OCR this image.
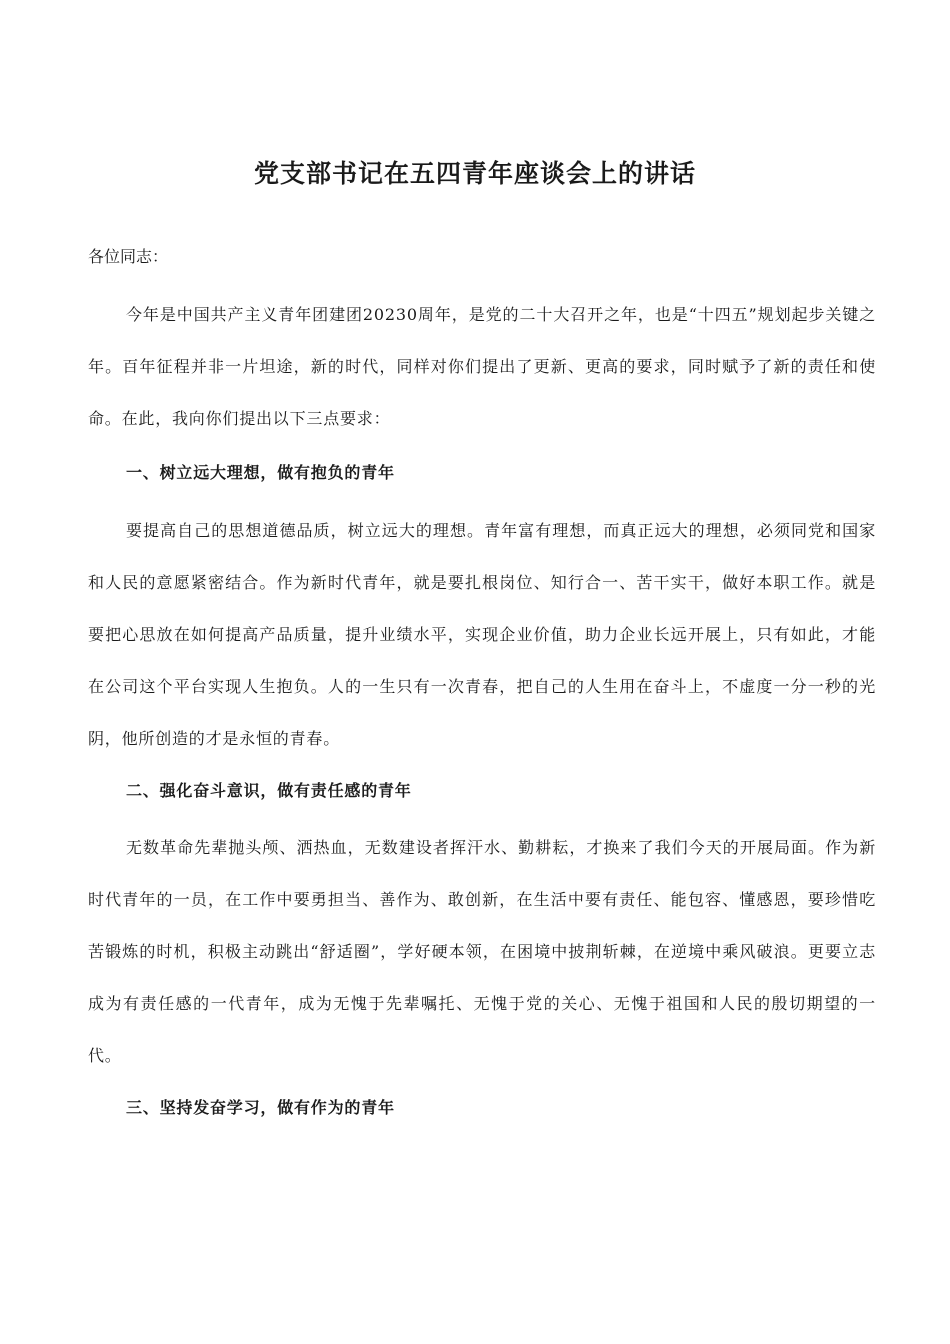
党支部书记在五四青年座谈会上的讲话
各位同志：

今年是中国共产主义青年团建团20230周年，是党的二十大召开之年，也是“十四五”规划起步关键之年。百年征程并非一片坦途，新的时代，同样对你们提出了更新、更高的要求，同时赋予了新的责任和使命。在此，我向你们提出以下三点要求：

一、树立远大理想，做有抱负的青年

要提高自己的思想道德品质，树立远大的理想。青年富有理想，而真正远大的理想，必须同党和国家和人民的意愿紧密结合。作为新时代青年，就是要扎根岗位、知行合一、苦干实干，做好本职工作。就是要把心思放在如何提高产品质量，提升业绩水平，实现企业价值，助力企业长远开展上，只有如此，才能在公司这个平台实现人生抱负。人的一生只有一次青春，把自己的人生用在奋斗上，不虚度一分一秒的光阴，他所创造的才是永恒的青春。

二、强化奋斗意识，做有责任感的青年

无数革命先辈抛头颅、洒热血，无数建设者挥汗水、勤耕耘，才换来了我们今天的开展局面。作为新时代青年的一员，在工作中要勇担当、善作为、敢创新，在生活中要有责任、能包容、懂感恩，要珍惜吃苦锻炼的时机，积极主动跳出“舒适圈”，学好硬本领，在困境中披荆斩棘，在逆境中乘风破浪。更要立志成为有责任感的一代青年，成为无愧于先辈嘱托、无愧于党的关心、无愧于祖国和人民的殷切期望的一代。

三、坚持发奋学习，做有作为的青年
